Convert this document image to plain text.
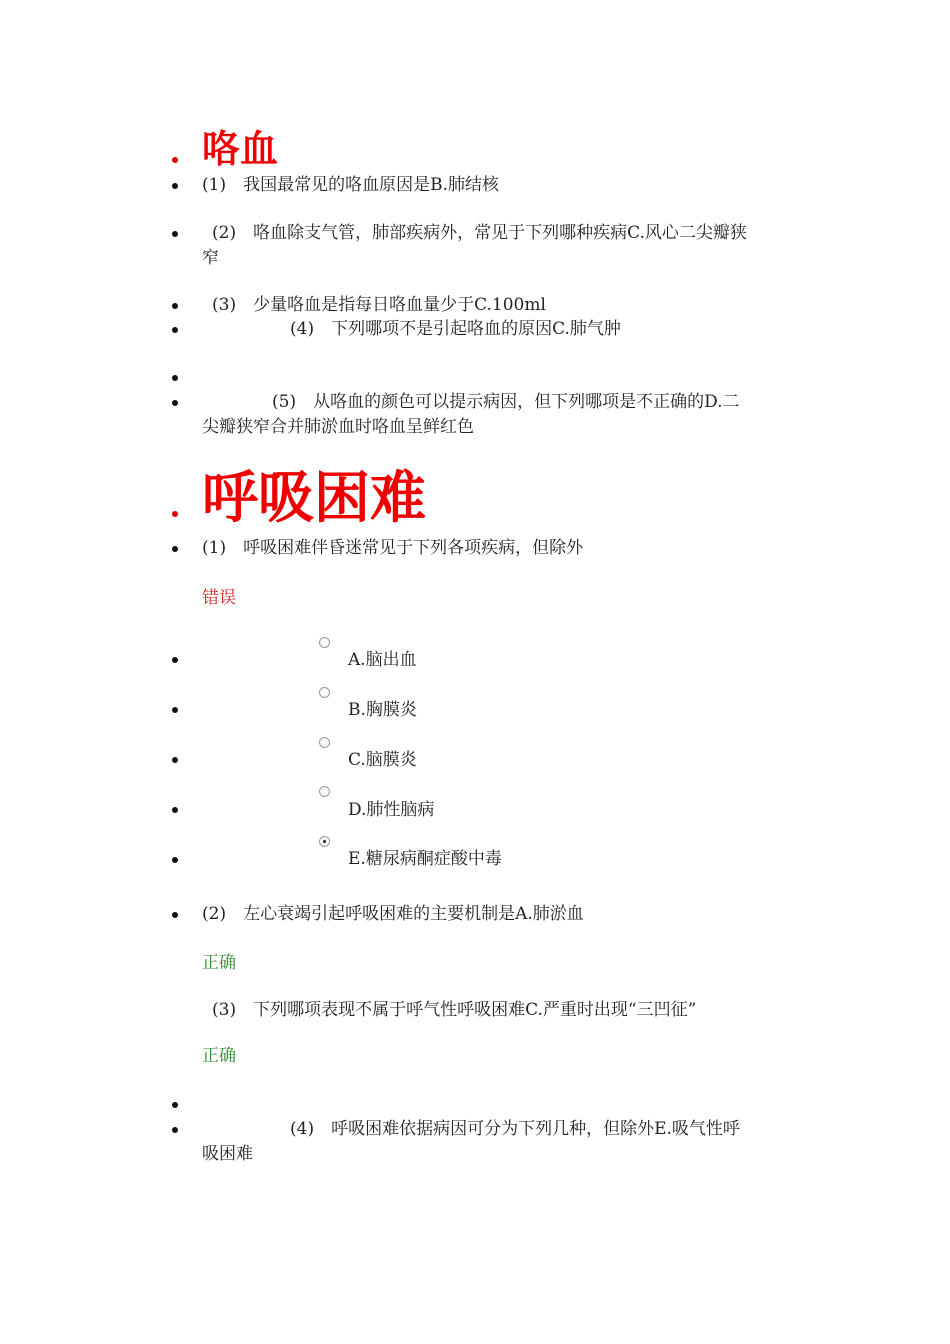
咯血
(1)　我国最常见的咯血原因是B.肺结核
(2)　咯血除支气管，肺部疾病外，常见于下列哪种疾病C.风心二尖瓣狭
窄
(3)　少量咯血是指每日咯血量少于C.100ml
(4)　下列哪项不是引起咯血的原因C.肺气肿
(5)　从咯血的颜色可以提示病因，但下列哪项是不正确的D.二
尖瓣狭窄合并肺淤血时咯血呈鲜红色
呼吸困难
(1)　呼吸困难伴昏迷常见于下列各项疾病，但除外
错误
A.脑出血
B.胸膜炎
C.脑膜炎
D.肺性脑病
E.糖尿病酮症酸中毒
(2)　左心衰竭引起呼吸困难的主要机制是A.肺淤血
正确
(3)　下列哪项表现不属于呼气性呼吸困难C.严重时出现“三凹征”
正确
(4)　呼吸困难依据病因可分为下列几种，但除外E.吸气性呼
吸困难
